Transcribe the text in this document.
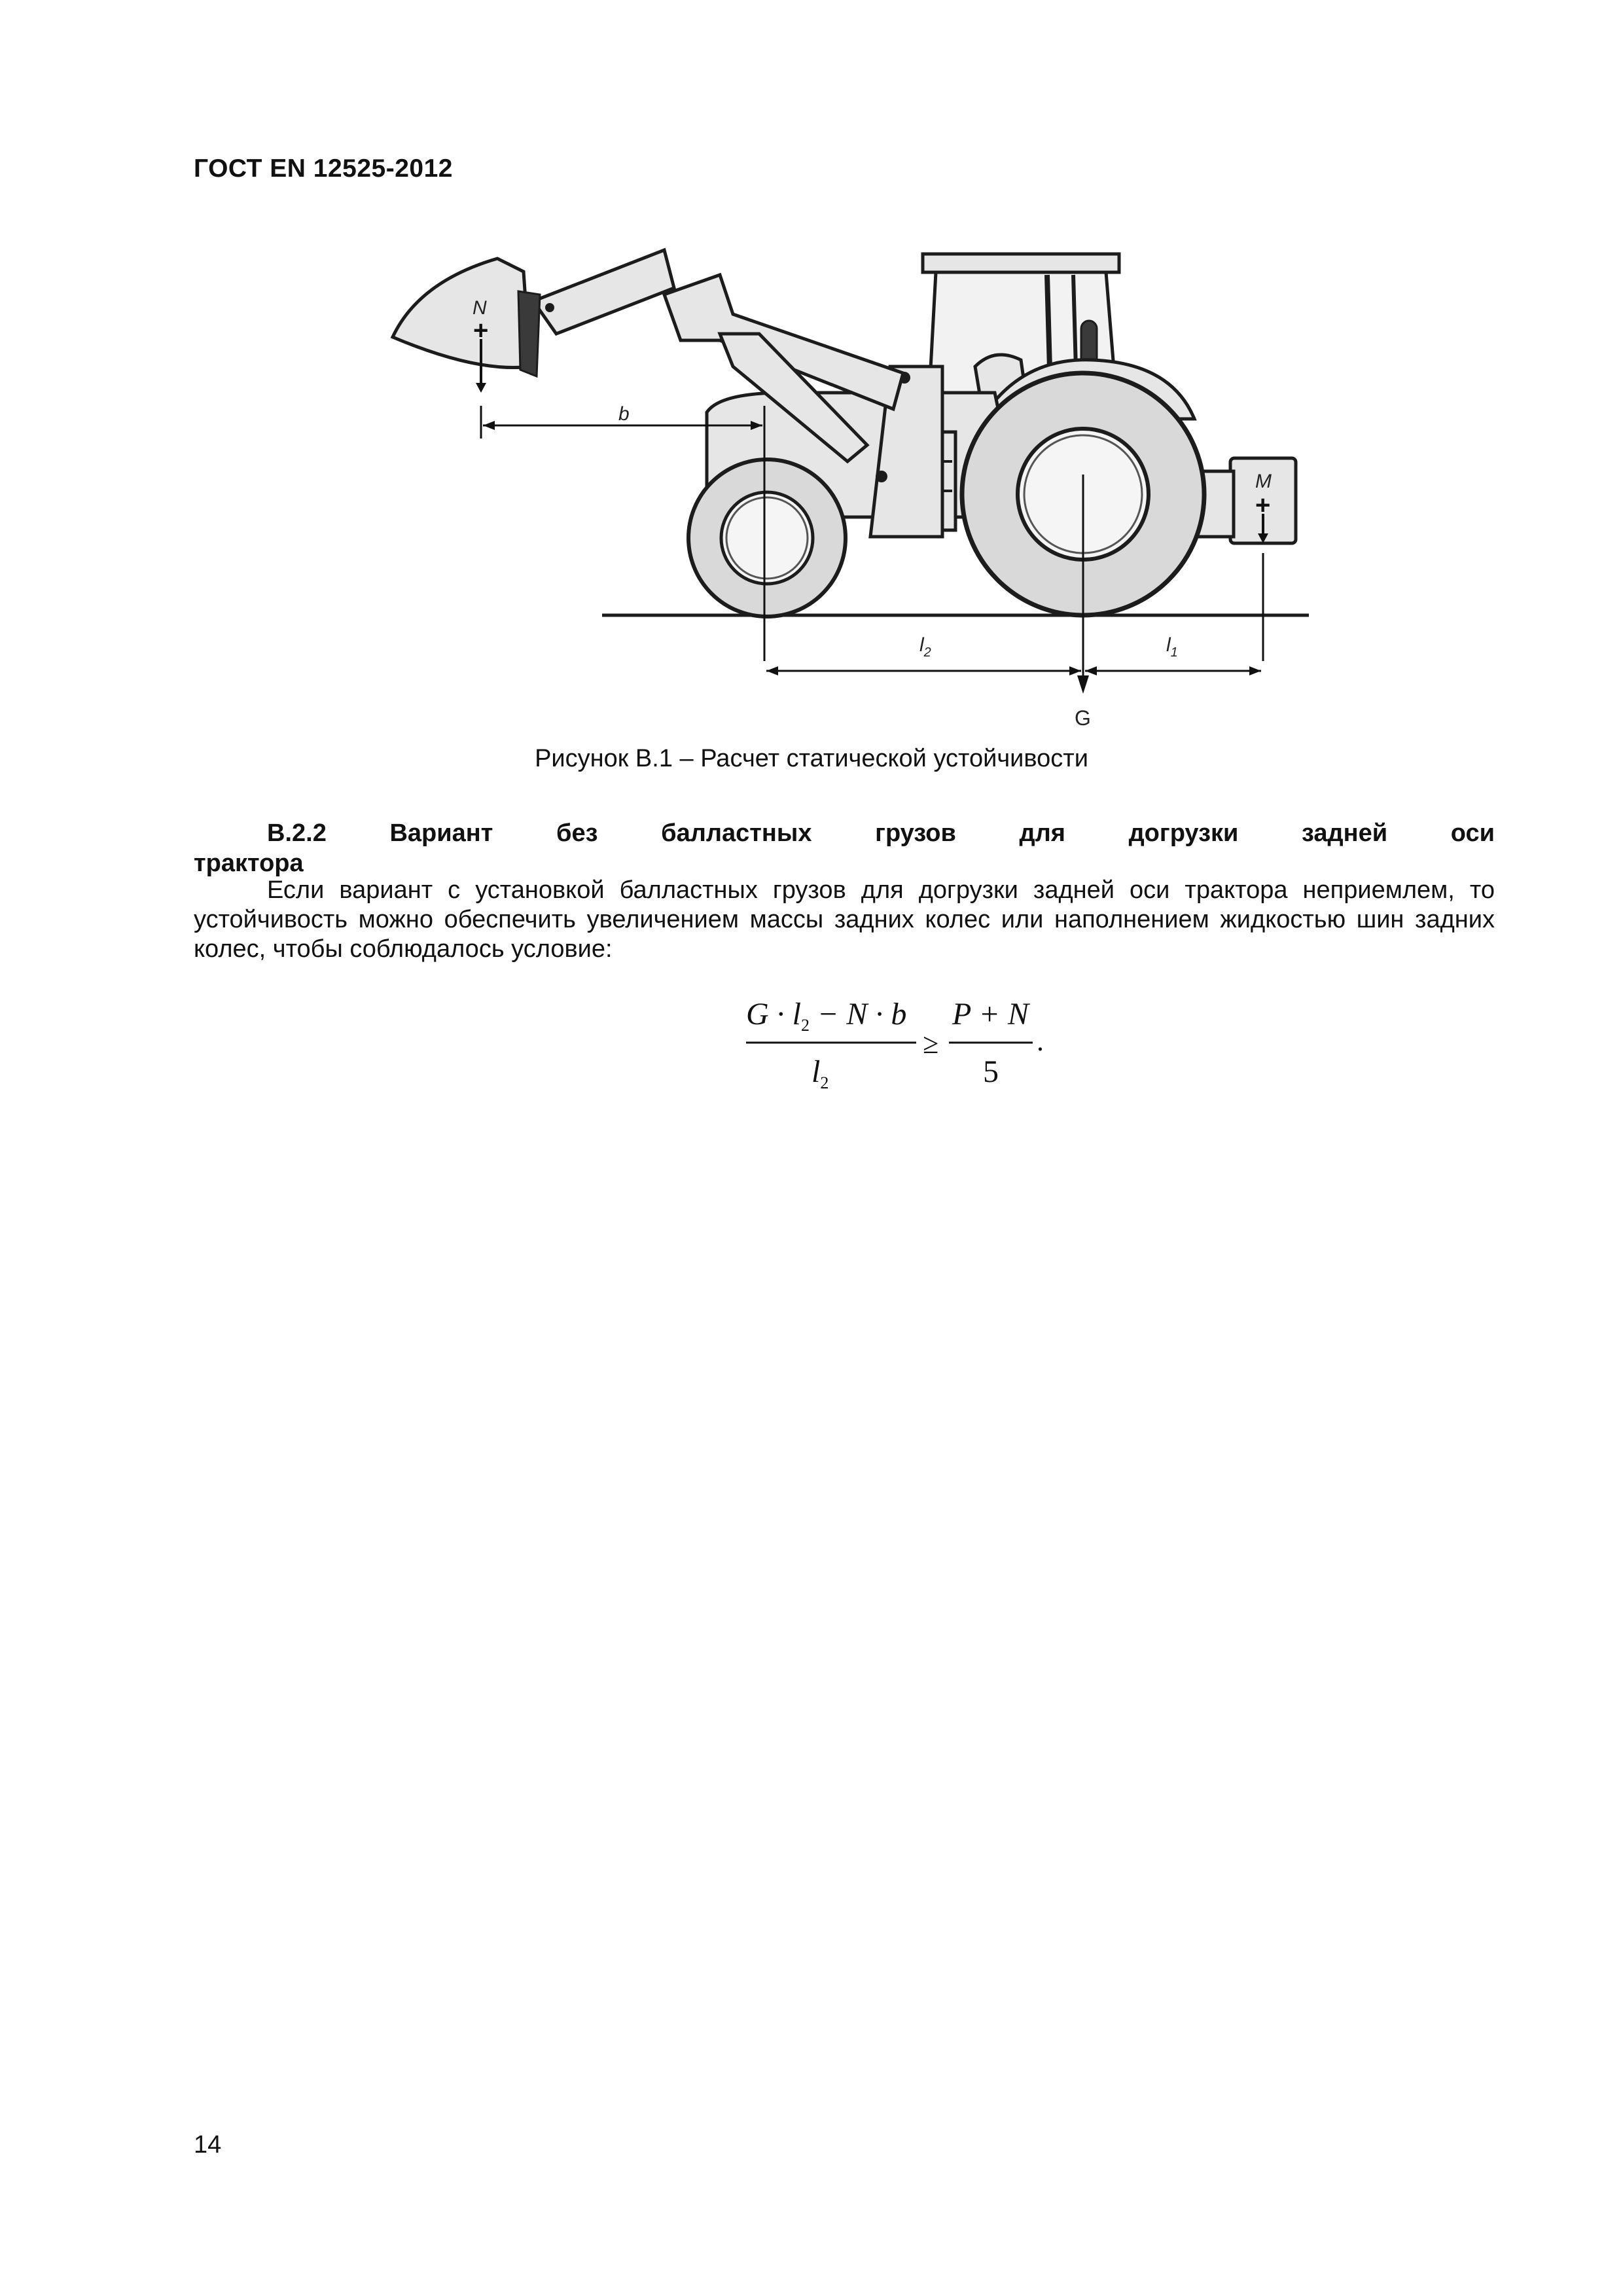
ГОСТ EN 12525-2012
M
+
N
+
b
$l_2$	$l_1$
G
Рисунок В.1 – Расчет статической устойчивости
В.2.2	Вариант	без	балластных	грузов	для	догрузки	задней	оси
трактора
Если вариант с установкой балластных грузов для догрузки задней оси трактора неприемлем, то устойчивость можно обеспечить увеличением массы задних колес или наполнением жидкостью шин задних колес, чтобы соблюдалось условие:
$G \cdot l_2 - N \cdot b$
$l_2$
≥
P + N
5
.
14
